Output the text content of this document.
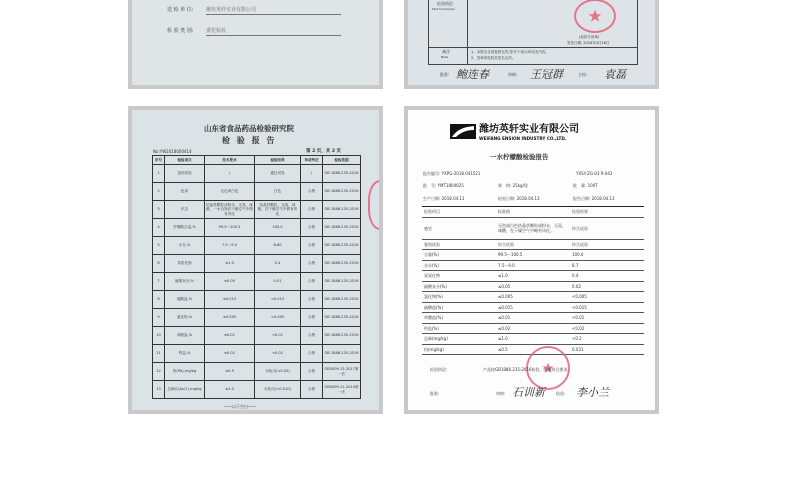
送 检 单 位:	潍坊英轩实业有限公司
检 验 类 别:	委托检验
检验结论
Test Conclusion
(检验专用章)
签发日期: 2018年4月16日
备注
Note
1、本报告全部复制无效,符号"/"表示该项无内容。
2、签章或检验员签名无效。
批准: 鲍连春	审核: 王冠群	主检: 袁磊
山东省食品药品检验研究院
检 验 报 告
No:YW2018000414	第 2 页，共 2 页
序号	检验项目	技术要求	检验结果	单项判定	检验依据
1	鉴别试验	/	通过试验	/	GB 1886.235-2016
2	色泽	无色或白色	白色	合格	GB 1886.235-2016
3	状态	结晶性颗粒或粉末，无臭，味酸，一水合物在干燥空气中微有风化	结晶性颗粒，无臭，味酸，在干燥空气中微有风化	合格	GB 1886.235-2016
4	柠檬酸含量,%	99.5～100.5	100.0	合格	GB 1886.235-2016
5	水分,%	7.5～9.0	8.80	合格	GB 1886.235-2016
6	易炭化物	≤1.0	0.4	合格	GB 1886.235-2016
7	硫酸灰分,%	≤0.05	0.01	合格	GB 1886.235-2016
8	硫酸盐,%	≤0.015	<0.015	合格	GB 1886.235-2016
9	氯化物,%	≤0.005	<0.005	合格	GB 1886.235-2016
10	草酸盐,%	≤0.01	<0.01	合格	GB 1886.235-2016
11	钙盐,%	≤0.02	<0.02	合格	GB 1886.235-2016
12	铅(Pb),mg/kg	≤0.5	未检出(<0.05)	合格	GB5009.12-2017第一法
13	总砷(以As计),mg/kg	≤1.0	未检出(<0.010)	合格	GB5009.11-2014第一法
——以下空白——
潍坊英轩实业有限公司
WEIFANG ENSION INDUSTRY CO.,LTD.
一水柠檬酸检验报告
报告编号: YXPG-2018.041521	YXSY-ZG-03 R-043
批　号: YMT1804025	规　格: 25kg/袋	批　量: 100T
生产日期: 2018.04.11	检验日期: 2018.04.13	报告日期: 2018.04.13
检验项目	标准值	检验结果
感官	无色或白色结晶状颗粒或粉末，无臭，味酸，在干燥空气中略有风化。	符合试验
鉴别试验	符合试验	符合试验
含量(%)	99.5～100.5	100.0
水分(%)	7.5～9.0	8.7
易炭化物	≤1.0	0.4
硫酸灰分(%)	≤0.05	0.02
氯化物(%)	≤0.005	<0.005
硫酸盐(%)	≤0.015	<0.015
草酸盐(%)	≤0.01	<0.01
钙盐(%)	≤0.02	<0.02
总砷(mg/kg)	≤1.0	<0.2
铅(mg/kg)	≤0.5	0.031
检验结论:	产品按GB1886.235-2016检验，结果符合要求。
批准:	审核: 石训新	检验: 李小兰
